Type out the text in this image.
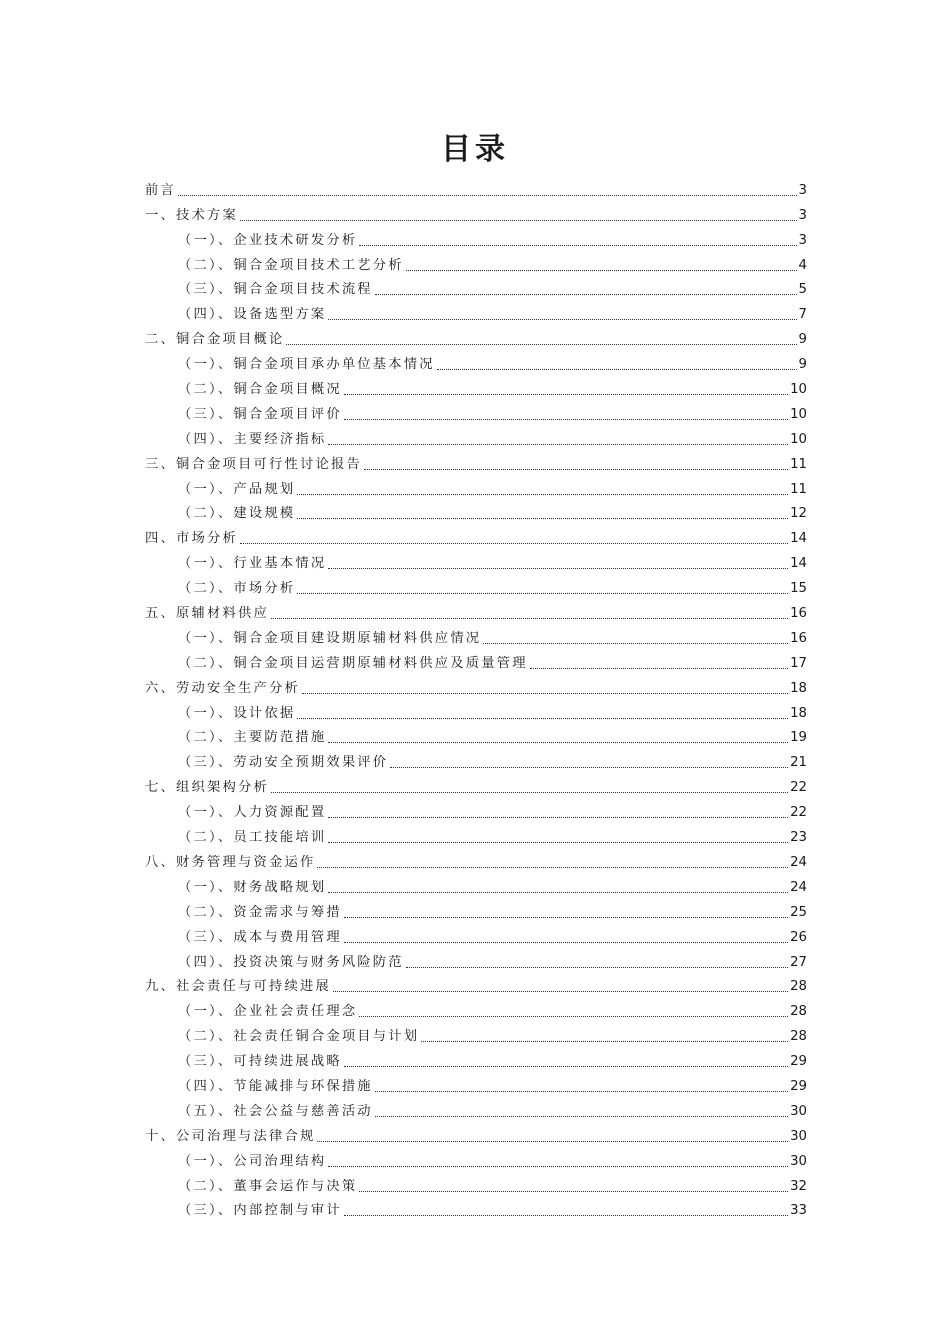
目录
前言	3
一、技术方案	3
（一）、企业技术研发分析	3
（二）、铜合金项目技术工艺分析	4
（三）、铜合金项目技术流程	5
（四）、设备选型方案	7
二、铜合金项目概论	9
（一）、铜合金项目承办单位基本情况	9
（二）、铜合金项目概况	10
（三）、铜合金项目评价	10
（四）、主要经济指标	10
三、铜合金项目可行性讨论报告	11
（一）、产品规划	11
（二）、建设规模	12
四、市场分析	14
（一）、行业基本情况	14
（二）、市场分析	15
五、原辅材料供应	16
（一）、铜合金项目建设期原辅材料供应情况	16
（二）、铜合金项目运营期原辅材料供应及质量管理	17
六、劳动安全生产分析	18
（一）、设计依据	18
（二）、主要防范措施	19
（三）、劳动安全预期效果评价	21
七、组织架构分析	22
（一）、人力资源配置	22
（二）、员工技能培训	23
八、财务管理与资金运作	24
（一）、财务战略规划	24
（二）、资金需求与筹措	25
（三）、成本与费用管理	26
（四）、投资决策与财务风险防范	27
九、社会责任与可持续进展	28
（一）、企业社会责任理念	28
（二）、社会责任铜合金项目与计划	28
（三）、可持续进展战略	29
（四）、节能减排与环保措施	29
（五）、社会公益与慈善活动	30
十、公司治理与法律合规	30
（一）、公司治理结构	30
（二）、董事会运作与决策	32
（三）、内部控制与审计	33
